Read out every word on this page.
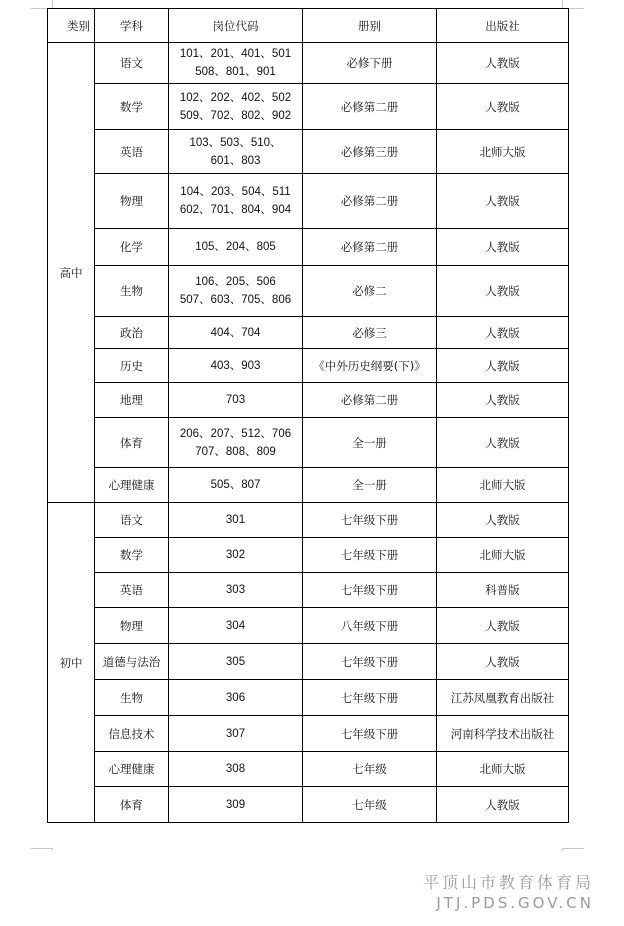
类别	学科	岗位代码	册别	出版社
高中	语文	101、201、401、501
508、801、901	必修下册	人教版
	数学	102、202、402、502
509、702、802、902	必修第二册	人教版
	英语	103、503、510、
601、803	必修第三册	北师大版
	物理	104、203、504、511
602、701、804、904	必修第二册	人教版
	化学	105、204、805	必修第二册	人教版
	生物	106、205、506
507、603、705、806	必修二	人教版
	政治	404、704	必修三	人教版
	历史	403、903	《中外历史纲要(下)》	人教版
	地理	703	必修第二册	人教版
	体育	206、207、512、706
707、808、809	全一册	人教版
	心理健康	505、807	全一册	北师大版
初中	语文	301	七年级下册	人教版
	数学	302	七年级下册	北师大版
	英语	303	七年级下册	科普版
	物理	304	八年级下册	人教版
	道德与法治	305	七年级下册	人教版
	生物	306	七年级下册	江苏凤凰教育出版社
	信息技术	307	七年级下册	河南科学技术出版社
	心理健康	308	七年级	北师大版
	体育	309	七年级	人教版
平顶山市教育体育局
JTJ.PDS.GOV.CN
